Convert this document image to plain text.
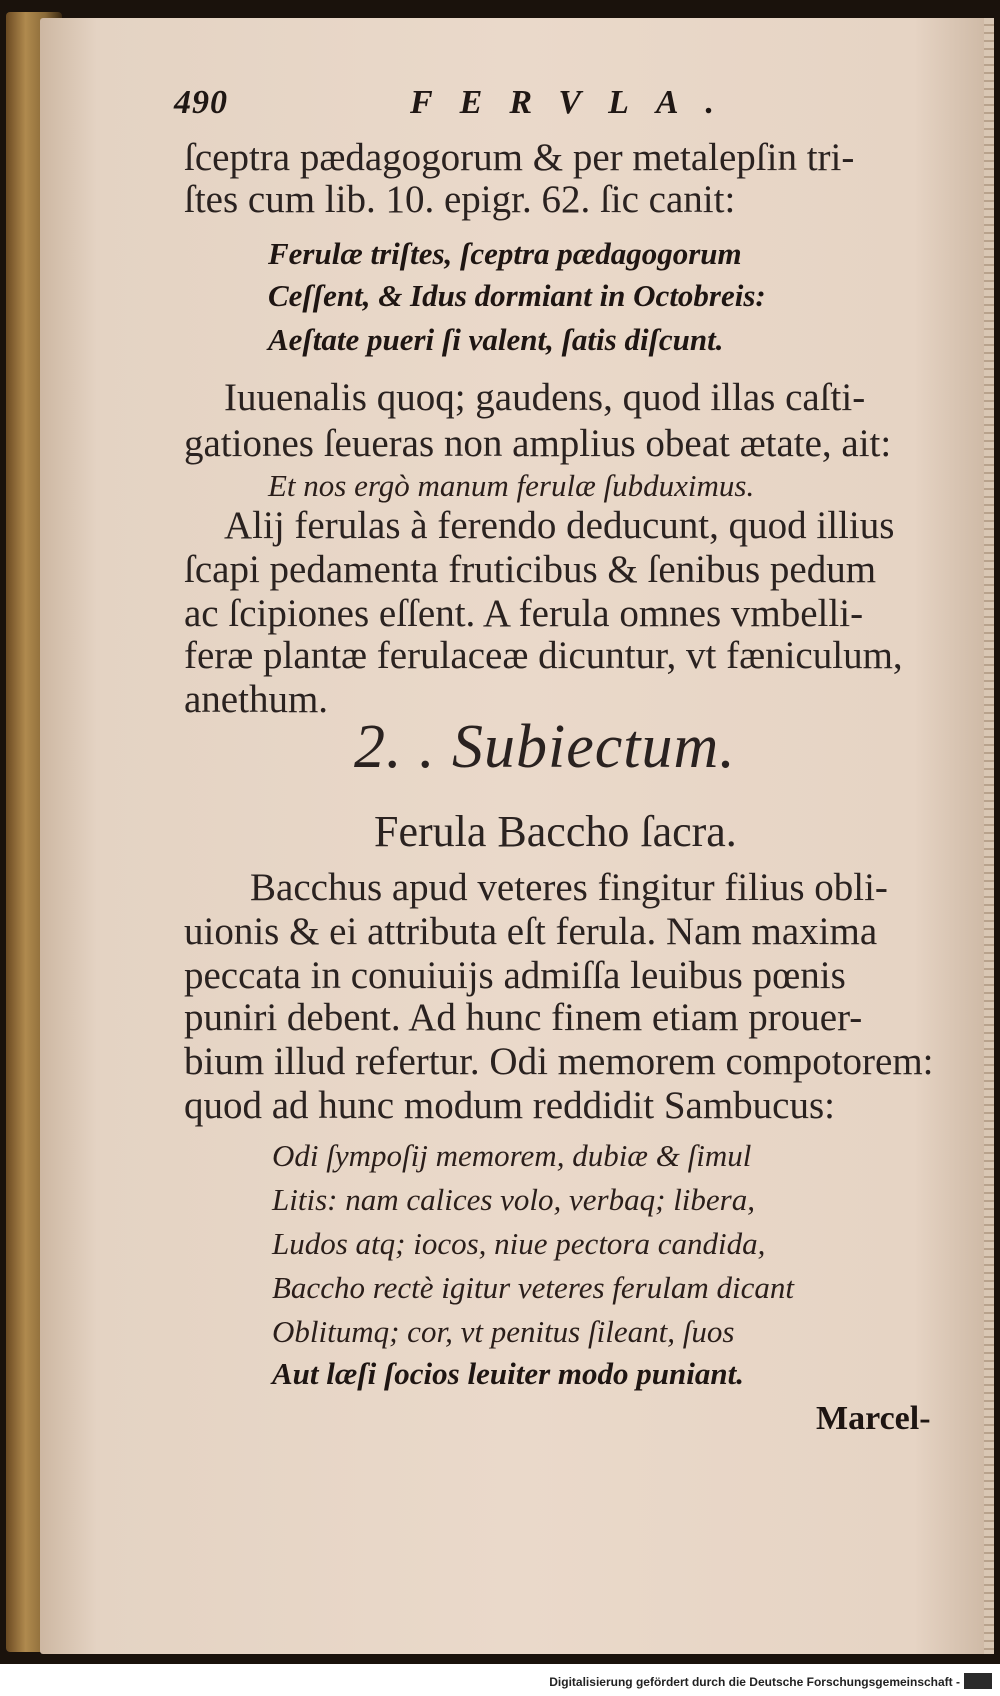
490	FERVLA.
ſceptra pædagogorum & per metalepſin tri-
ſtes cum lib. 10. epigr. 62. ſic canit:
Ferulæ triſtes, ſceptra pædagogorum
Ceſſent, & Idus dormiant in Octobreis:
Aeſtate pueri ſi valent, ſatis diſcunt.
Iuuenalis quoq; gaudens, quod illas caſti-
gationes ſeueras non amplius obeat ætate, ait:
Et nos ergò manum ferulæ ſubduximus.
Alij ferulas à ferendo deducunt, quod illius
ſcapi pedamenta fruticibus & ſenibus pedum
ac ſcipiones eſſent. A ferula omnes vmbelli-
feræ plantæ ferulaceæ dicuntur, vt fæniculum,
anethum.
2. . Subiectum.
Ferula Baccho ſacra.
Bacchus apud veteres fingitur filius obli-
uionis & ei attributa eſt ferula. Nam maxima
peccata in conuiuijs admiſſa leuibus pœnis
puniri debent. Ad hunc finem etiam prouer-
bium illud refertur. Odi memorem compotorem:
quod ad hunc modum reddidit Sambucus:
Odi ſympoſij memorem, dubiæ & ſimul
Litis: nam calices volo, verbaq; libera,
Ludos atq; iocos, niue pectora candida,
Baccho rectè igitur veteres ferulam dicant
Oblitumq; cor, vt penitus ſileant, ſuos
Aut læſi ſocios leuiter modo puniant.
Marcel-
Digitalisierung gefördert durch die Deutsche Forschungsgemeinschaft -
